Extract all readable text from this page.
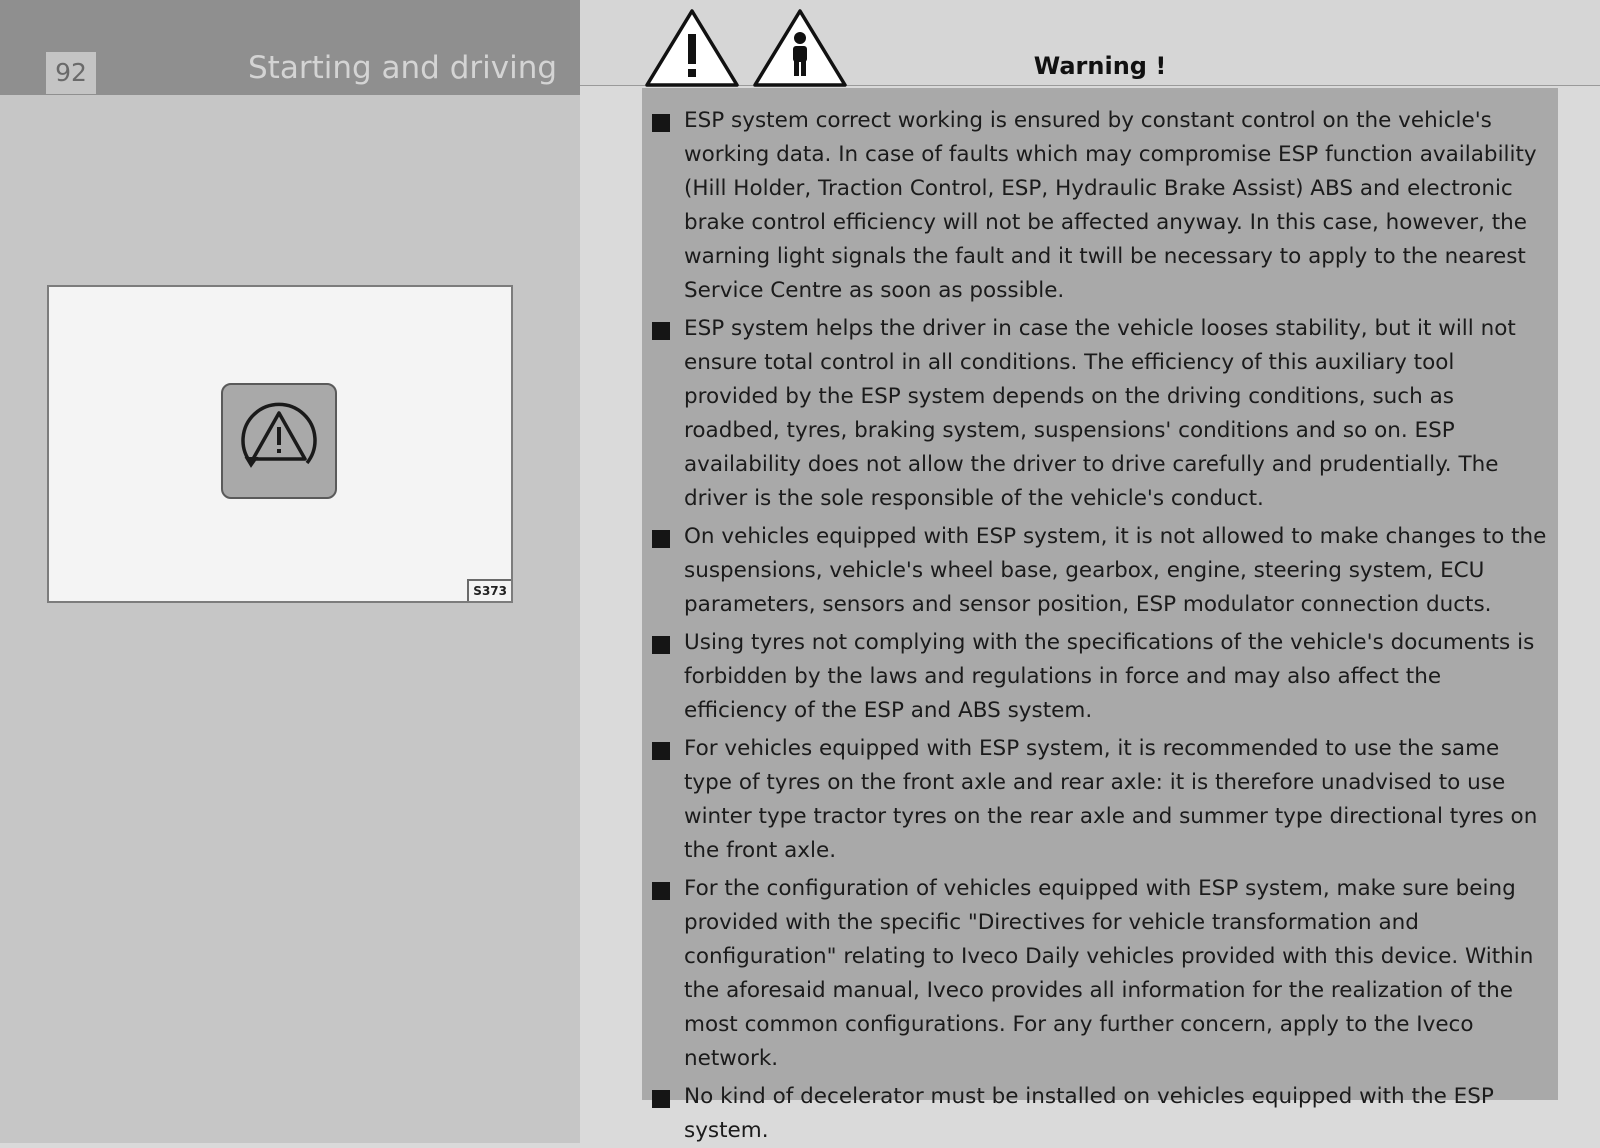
92	Starting and driving
S373
Warning !
ESP system correct working is ensured by constant control on the vehicle's working data. In case of faults which may compromise ESP function availability (Hill Holder, Traction Control, ESP, Hydraulic Brake Assist) ABS and electronic brake control efficiency will not be affected anyway. In this case, however, the warning light signals the fault and it twill be necessary to apply to the nearest Service Centre as soon as possible.
ESP system helps the driver in case the vehicle looses stability, but it will not ensure total control in all conditions. The efficiency of this auxiliary tool provided by the ESP system depends on the driving conditions, such as roadbed, tyres, braking system, suspensions' conditions and so on. ESP availability does not allow the driver to drive carefully and prudentially. The driver is the sole responsible of the vehicle's conduct.
On vehicles equipped with ESP system, it is not allowed to make changes to the suspensions, vehicle's wheel base, gearbox, engine, steering system, ECU parameters, sensors and sensor position, ESP modulator connection ducts.
Using tyres not complying with the specifications of the vehicle's documents is forbidden by the laws and regulations in force and may also affect the efficiency of the ESP and ABS system.
For vehicles equipped with ESP system, it is recommended to use the same type of tyres on the front axle and rear axle: it is therefore unadvised to use winter type tractor tyres on the rear axle and summer type directional tyres on the front axle.
For the configuration of vehicles equipped with ESP system, make sure being provided with the specific "Directives for vehicle transformation and configuration" relating to Iveco Daily vehicles provided with this device. Within the aforesaid manual, Iveco provides all information for the realization of the most common configurations. For any further concern, apply to the Iveco network.
No kind of decelerator must be installed on vehicles equipped with the ESP system.
